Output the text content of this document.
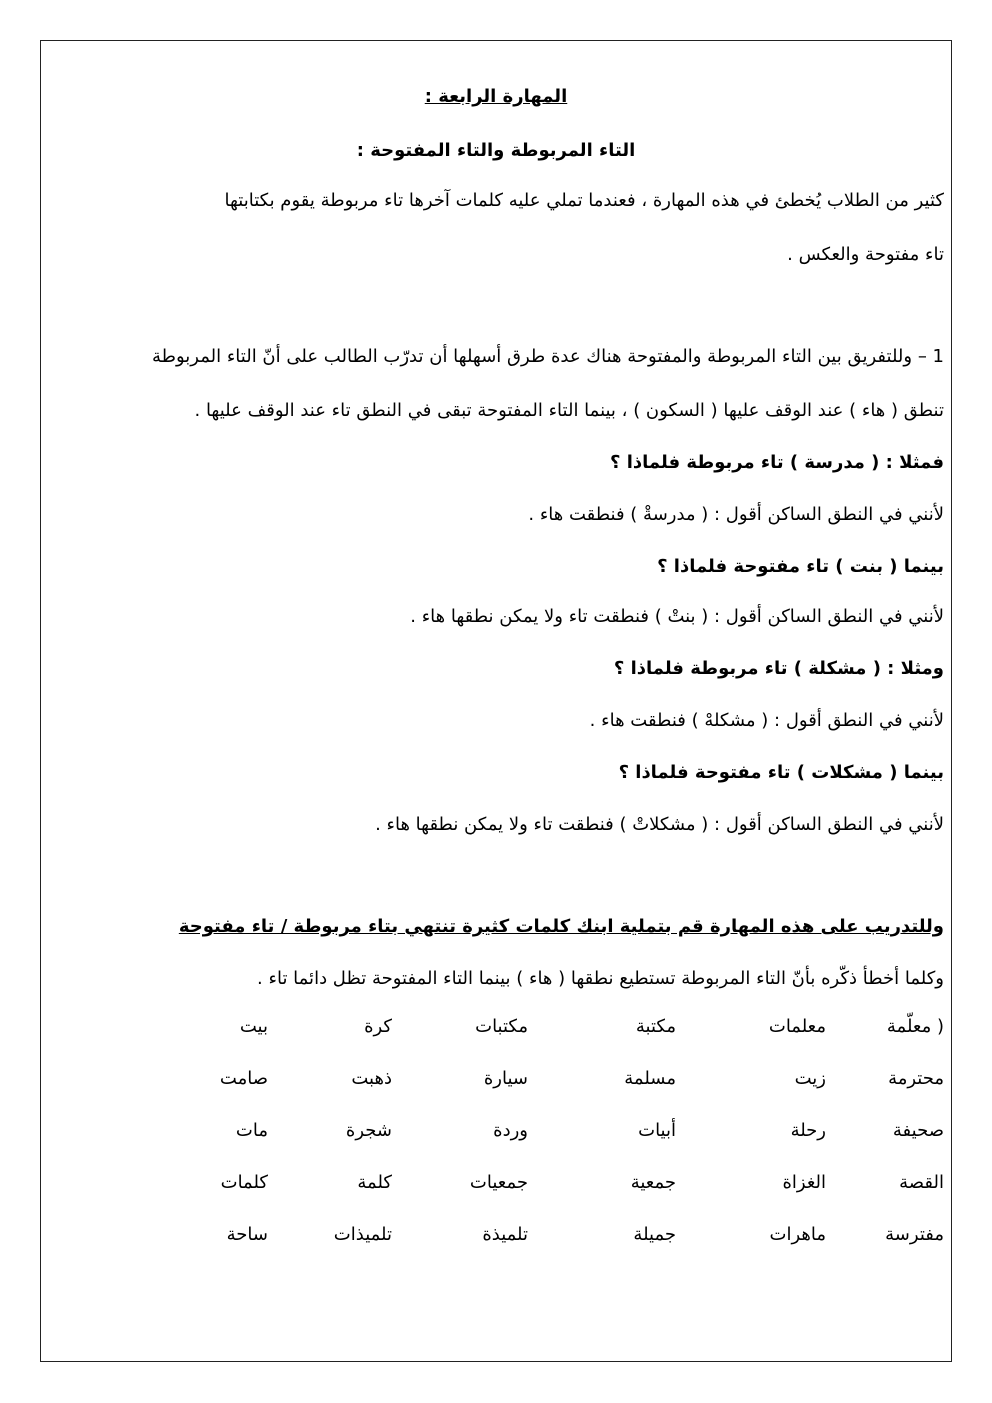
المهارة الرابعة :
التاء المربوطة والتاء المفتوحة :
كثير من الطلاب يُخطئ في هذه المهارة ، فعندما تملي عليه كلمات آخرها تاء مربوطة يقوم بكتابتها
تاء مفتوحة والعكس .
1 – وللتفريق بين التاء المربوطة والمفتوحة هناك عدة طرق أسهلها أن تدرّب الطالب على أنّ التاء المربوطة
تنطق ( هاء ) عند الوقف عليها ( السكون ) ، بينما التاء المفتوحة تبقى في النطق تاء عند الوقف عليها .
فمثلا : ( مدرسة ) تاء مربوطة فلماذا ؟
لأنني في النطق الساكن أقول : ( مدرسةْ ) فنطقت هاء .
بينما ( بنت ) تاء مفتوحة فلماذا ؟
لأنني في النطق الساكن أقول : ( بنتْ ) فنطقت تاء ولا يمكن نطقها هاء .
ومثلا : ( مشكلة ) تاء مربوطة فلماذا ؟
لأنني في النطق أقول : ( مشكلهْ ) فنطقت هاء .
بينما ( مشكلات ) تاء مفتوحة فلماذا ؟
لأنني في النطق الساكن أقول : ( مشكلاتْ ) فنطقت تاء ولا يمكن نطقها هاء .
وللتدريب على هذه المهارة قم بتملية ابنك كلمات كثيرة تنتهي بتاء مربوطة / تاء مفتوحة
وكلما أخطأ ذكّره بأنّ التاء المربوطة تستطيع نطقها ( هاء ) بينما التاء المفتوحة تظل دائما تاء .
( معلّمة
معلمات
مكتبة
مكتبات
كرة
بيت
محترمة
زيت
مسلمة
سيارة
ذهبت
صامت
صحيفة
رحلة
أبيات
وردة
شجرة
مات
القصة
الغزاة
جمعية
جمعيات
كلمة
كلمات
مفترسة
ماهرات
جميلة
تلميذة
تلميذات
ساحة
